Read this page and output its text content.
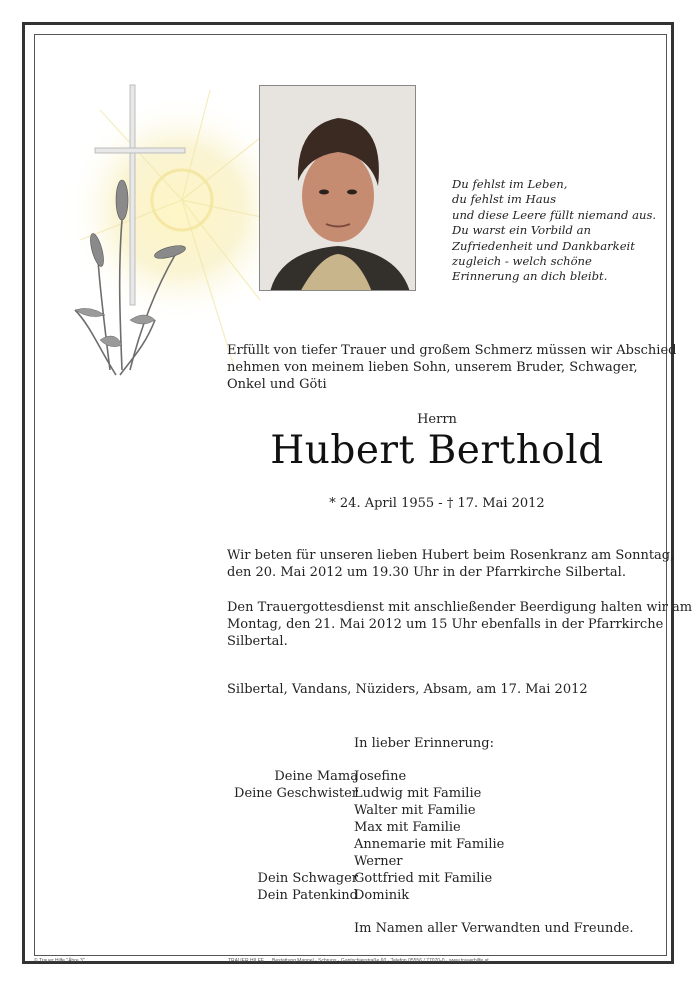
Du fehlst im Leben,
du fehlst im Haus
und diese Leere füllt niemand aus.
Du warst ein Vorbild an
Zufriedenheit und Dankbarkeit
zugleich - welch schöne
Erinnerung an dich bleibt.
Erfüllt von tiefer Trauer und großem Schmerz müssen wir Abschied
nehmen von meinem lieben Sohn, unserem Bruder, Schwager,
Onkel und Göti
Herrn
Hubert Berthold
* 24. April 1955 - † 17. Mai 2012
Wir beten für unseren lieben Hubert beim Rosenkranz am Sonntag,
den 20. Mai 2012 um 19.30 Uhr in der Pfarrkirche Silbertal.
Den Trauergottesdienst mit anschließender Beerdigung halten wir am
Montag, den 21. Mai 2012 um 15 Uhr ebenfalls in der Pfarrkirche
Silbertal.
Silbertal, Vandans, Nüziders, Absam, am 17. Mai 2012
In lieber Erinnerung:
Deine Mama
Deine Geschwister
Dein Schwager
Dein Patenkind
Josefine
Ludwig mit Familie
Walter mit Familie
Max mit Familie
Annemarie mit Familie
Werner
Gottfried mit Familie
Dominik
Im Namen aller Verwandten und Freunde.
© Trauer Hilfe "Ähre 3"	TRAUER HILFE Bestattung Mannel · Schruns · Gantschierstraße 60 · Telefon 05556 / 77070-0 · www.trauerhilfe.at
